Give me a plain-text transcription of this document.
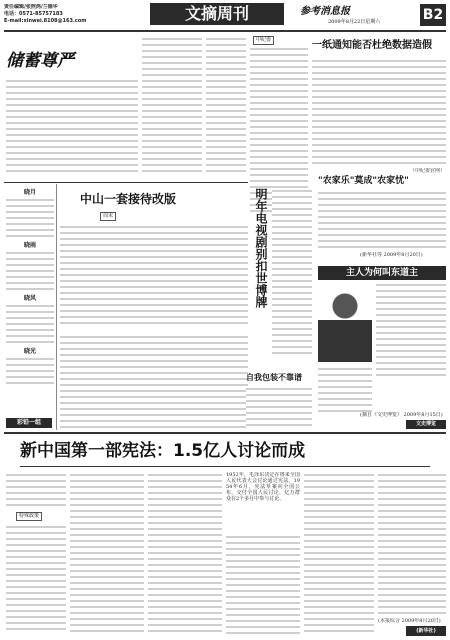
责任编辑/张煦鸿/兰德华
电话：0571-85757183
E-mail:xinwei.8108@163.com	文摘周刊	参考消息报
2009年8月22日星期六	B2
储蓄尊严
中纪委	一纸通知能否杜绝数据造假
（中纪委官网）
晓月
晓雨
晓风
晓光
彩铅一组
中山一套接待改版
周末	明年电视剧别扣世博牌
自我包装不靠谱
"农家乐"莫成"农家忧"
(新华社等 2009年8月20日)
主人为何叫东道主
(摘自《文史博览》 2009年8月15日)
文史博览
新中国第一部宪法：1.5亿人讨论而成
特殊政策
1952年，毛泽东决定在将来全国人民代表大会讨论通过宪法，1954年6月，宪法草案向全国公布，交付全国人民讨论，亿万群众在2个多月中参与讨论。
(本报综合 2009年8月20日)
(新华社)
